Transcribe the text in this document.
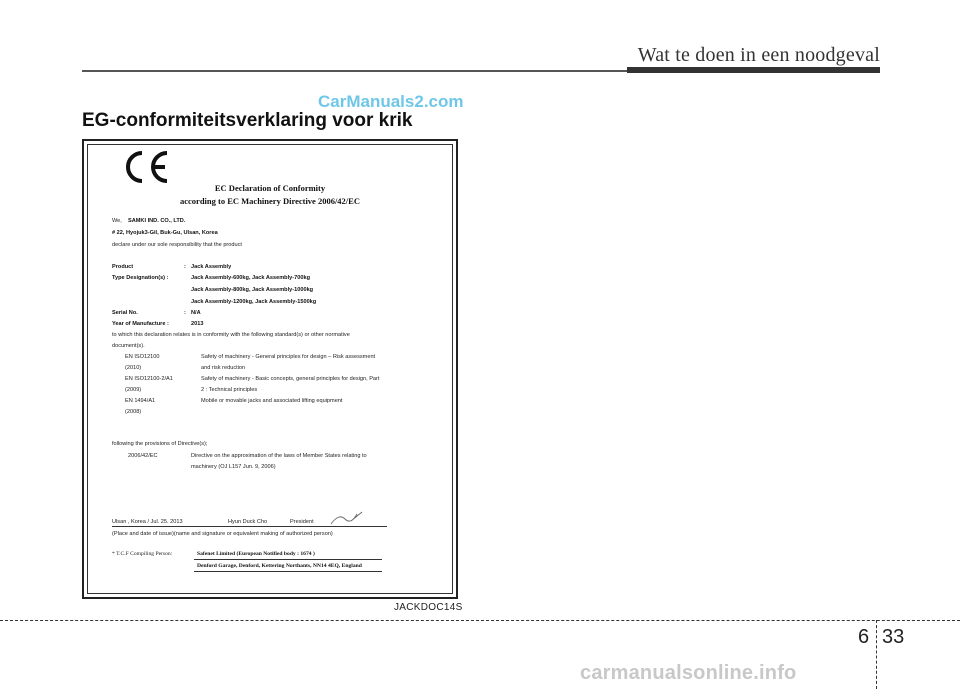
Wat te doen in een noodgeval
CarManuals2.com
EG-conformiteitsverklaring voor krik
EC Declaration of Conformity
according to EC Machinery Directive 2006/42/EC
We, SAMKI IND. CO., LTD.
# 22, Hyojuk3-Gil, Buk-Gu, Ulsan, Korea
declare under our sole responsibility that the product
Product	: Jack Assembly
Type Designation(s) :	Jack Assembly-600kg, Jack Assembly-700kg
Jack Assembly-800kg, Jack Assembly-1000kg
Jack Assembly-1200kg, Jack Assembly-1500kg
Serial No.	: N/A
Year of Manufacture :	2013
to which this declaration relates is in conformity with the following standard(s) or other normative
document(s).
EN ISO12100	Safety of machinery - General principles for design – Risk assessment
(2010)	and risk reduction
EN ISO12100-2/A1	Safety of machinery - Basic concepts, general principles for design, Part
(2009)	2 : Technical principles
EN 1494/A1	Mobile or movable jacks and associated lifting equipment
(2008)
following the provisions of Directive(s);
2006/42/EC	Directive on the approximation of the laws of Member States relating to
machinery (OJ L157 Jun. 9, 2006)
Ulsan , Korea / Jul. 25. 2013	Hyun Duck Cho	President
(Place and date of issue)(name and signature or equivalent making of authorized person)
* T.C.F Compiling Person:	Safenet Limited (European Notified body : 1674 )
Denford Garage, Denford, Kettering Northants, NN14 4EQ, England
JACKDOC14S
6 33
carmanualsonline.info
